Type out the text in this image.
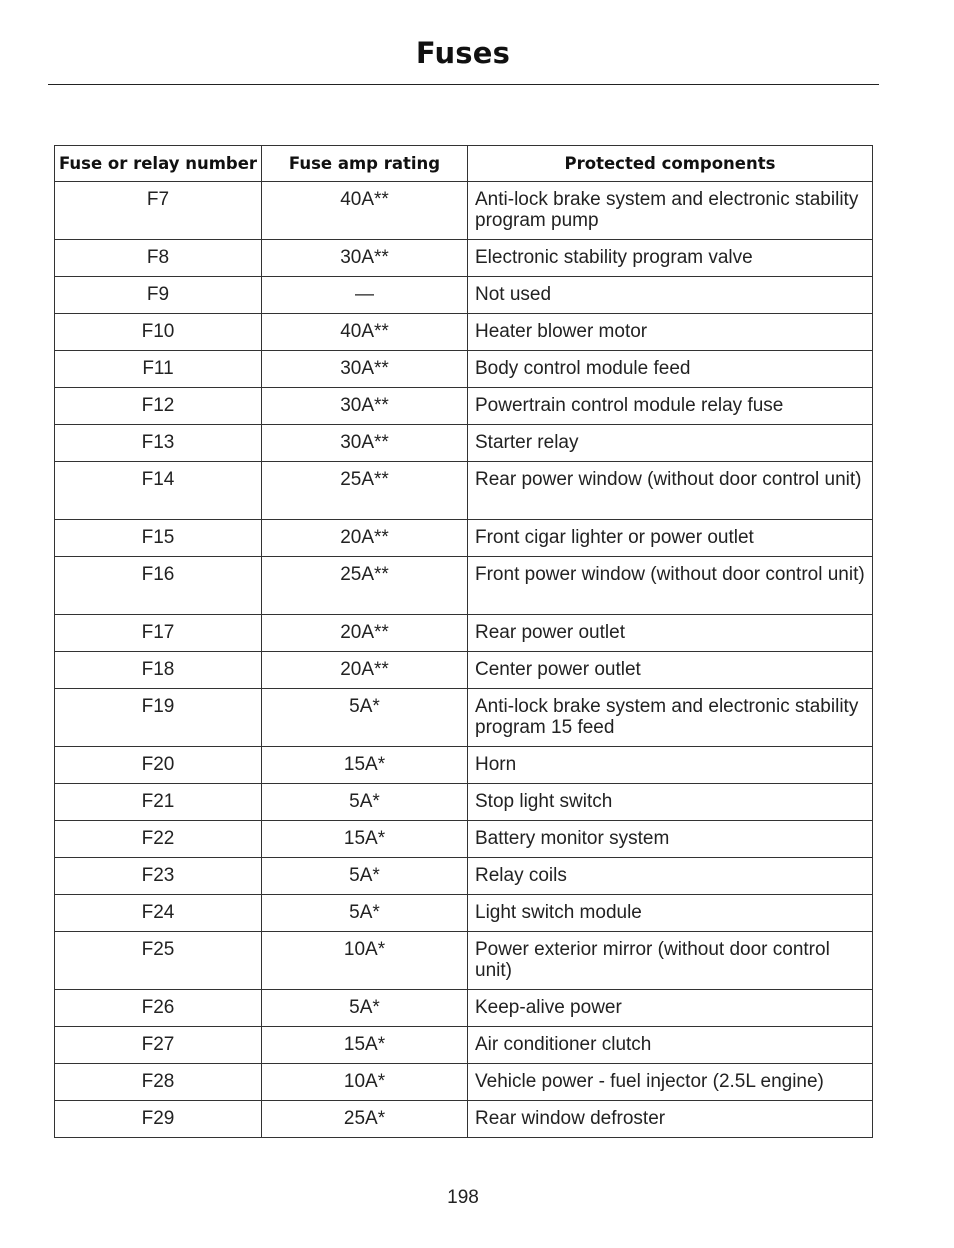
Fuses
Fuse or relay number	Fuse amp rating	Protected components
F7	40A**	Anti-lock brake system and electronic stability program pump
F8	30A**	Electronic stability program valve
F9	—	Not used
F10	40A**	Heater blower motor
F11	30A**	Body control module feed
F12	30A**	Powertrain control module relay fuse
F13	30A**	Starter relay
F14	25A**	Rear power window (without door control unit)
F15	20A**	Front cigar lighter or power outlet
F16	25A**	Front power window (without door control unit)
F17	20A**	Rear power outlet
F18	20A**	Center power outlet
F19	5A*	Anti-lock brake system and electronic stability program 15 feed
F20	15A*	Horn
F21	5A*	Stop light switch
F22	15A*	Battery monitor system
F23	5A*	Relay coils
F24	5A*	Light switch module
F25	10A*	Power exterior mirror (without door control unit)
F26	5A*	Keep-alive power
F27	15A*	Air conditioner clutch
F28	10A*	Vehicle power - fuel injector (2.5L engine)
F29	25A*	Rear window defroster
198
